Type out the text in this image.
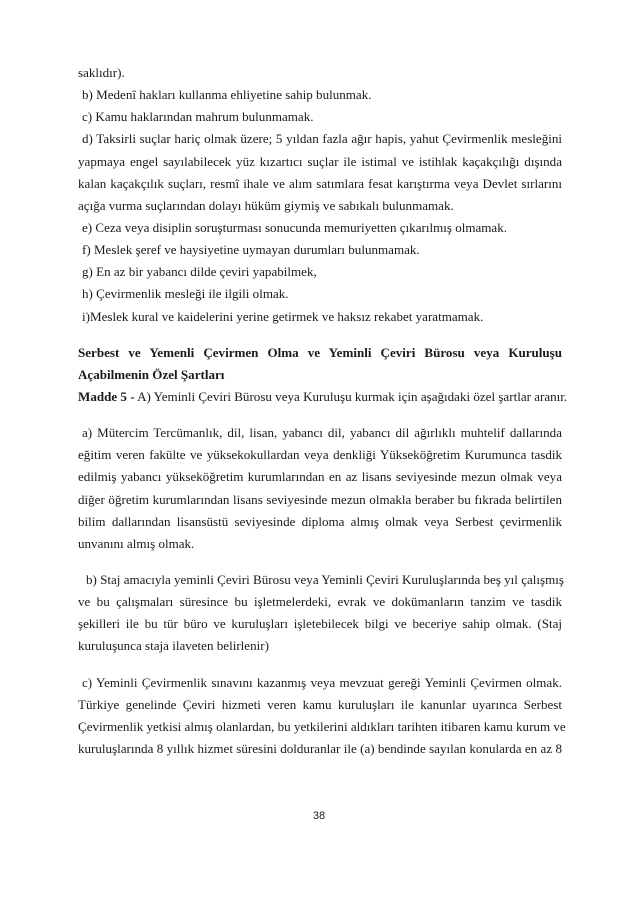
saklıdır).
b) Medenî hakları kullanma ehliyetine sahip bulunmak.
c) Kamu haklarından mahrum bulunmamak.
d) Taksirli suçlar hariç olmak üzere; 5 yıldan fazla ağır hapis, yahut Çevirmenlik mesleğini
yapmaya engel sayılabilecek yüz kızartıcı suçlar ile istimal ve istihlak kaçakçılığı dışında
kalan kaçakçılık suçları, resmî ihale ve alım satımlara fesat karıştırma veya Devlet sırlarını
açığa vurma suçlarından dolayı hüküm giymiş ve sabıkalı bulunmamak.
e) Ceza veya disiplin soruşturması sonucunda memuriyetten çıkarılmış olmamak.
f) Meslek şeref ve haysiyetine uymayan durumları bulunmamak.
g) En az bir yabancı dilde çeviri yapabilmek,
h) Çevirmenlik mesleği ile ilgili olmak.
i)Meslek kural ve kaidelerini yerine getirmek ve haksız rekabet yaratmamak.
Serbest ve Yemenli Çevirmen Olma ve Yeminli Çeviri Bürosu veya Kuruluşu
Açabilmenin Özel Şartları
Madde 5 - A) Yeminli Çeviri Bürosu veya Kuruluşu kurmak için aşağıdaki özel şartlar aranır.
a) Mütercim Tercümanlık, dil, lisan, yabancı dil, yabancı dil ağırlıklı muhtelif dallarında
eğitim veren fakülte ve yüksekokullardan veya denkliği Yükseköğretim Kurumunca tasdik
edilmiş yabancı yükseköğretim kurumlarından en az lisans seviyesinde mezun olmak veya
diğer öğretim kurumlarından lisans seviyesinde mezun olmakla beraber bu fıkrada belirtilen
bilim dallarından lisansüstü seviyesinde diploma almış olmak veya Serbest çevirmenlik
unvanını almış olmak.
b) Staj amacıyla yeminli Çeviri Bürosu veya Yeminli Çeviri Kuruluşlarında beş yıl çalışmış
ve bu çalışmaları süresince bu işletmelerdeki, evrak ve dokümanların tanzim ve tasdik
şekilleri ile bu tür büro ve kuruluşları işletebilecek bilgi ve beceriye sahip olmak. (Staj
kuruluşunca staja ilaveten belirlenir)
c) Yeminli Çevirmenlik sınavını kazanmış veya mevzuat gereği Yeminli Çevirmen olmak.
Türkiye genelinde Çeviri hizmeti veren kamu kuruluşları ile kanunlar uyarınca Serbest
Çevirmenlik yetkisi almış olanlardan, bu yetkilerini aldıkları tarihten itibaren kamu kurum ve
kuruluşlarında 8 yıllık hizmet süresini dolduranlar ile (a) bendinde sayılan konularda en az 8
38
